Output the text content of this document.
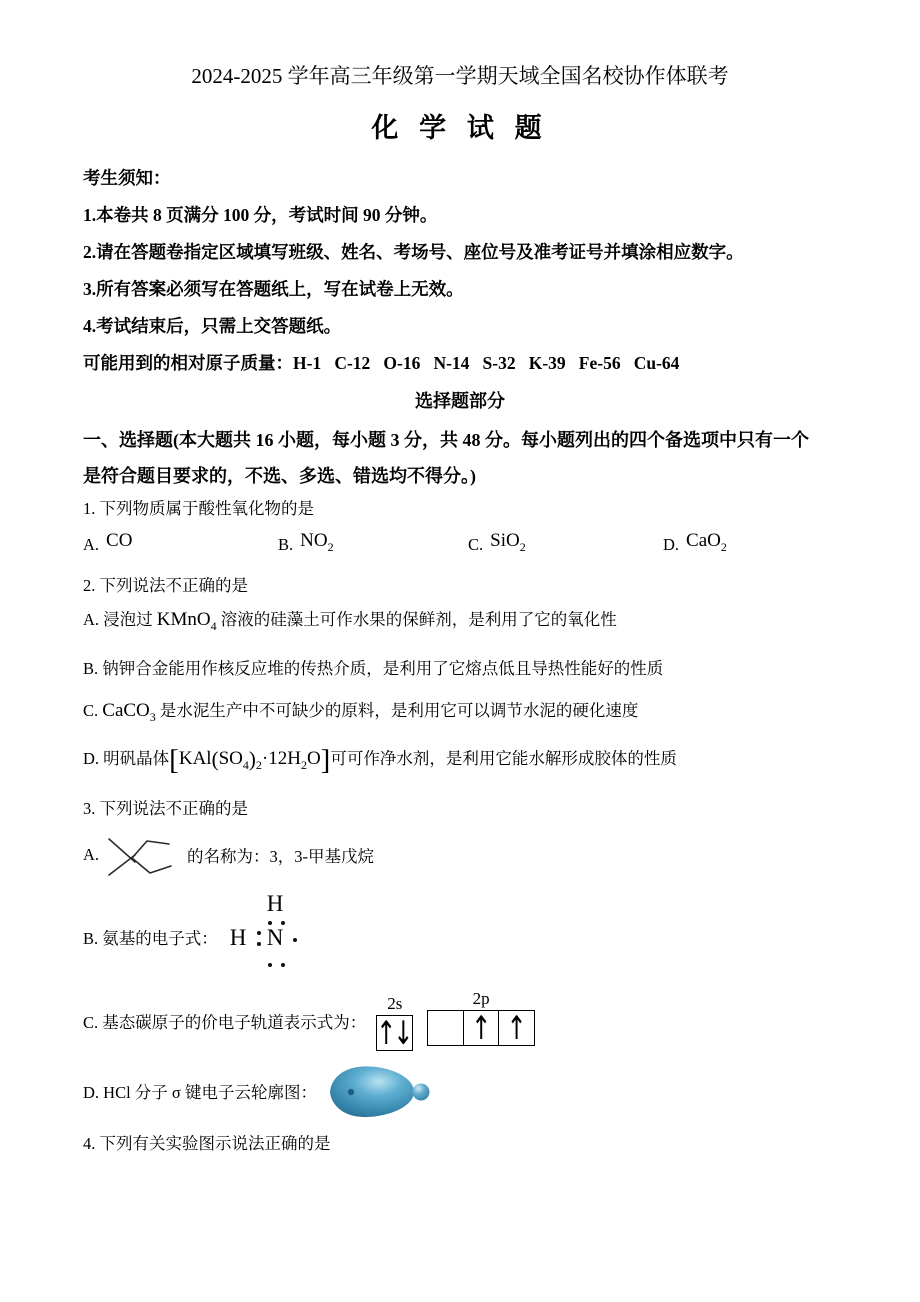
2024-2025 学年高三年级第一学期天域全国名校协作体联考

化 学 试 题

考生须知：

1.本卷共 8 页满分 100 分，考试时间 90 分钟。

2.请在答题卷指定区域填写班级、姓名、考场号、座位号及准考证号并填涂相应数字。

3.所有答案必须写在答题纸上，写在试卷上无效。

4.考试结束后，只需上交答题纸。

可能用到的相对原子质量：H-1   C-12   O-16   N-14   S-32   K-39   Fe-56   Cu-64

选择题部分

一、选择题(本大题共 16 小题，每小题 3 分，共 48 分。每小题列出的四个备选项中只有一个

是符合题目要求的，不选、多选、错选均不得分。)

1. 下列物质属于酸性氧化物的是

A. CO	B. $NO_2$	C. SiO$_2$	D. CaO$_2$

2. 下列说法不正确的是

A. 浸泡过 KMnO$_4$ 溶液的硅藻土可作水果的保鲜剂，是利用了它的氧化性

B. 钠钾合金能用作核反应堆的传热介质，是利用了它熔点低且导热性能好的性质

C. CaCO$_3$ 是水泥生产中不可缺少的原料，是利用它可以调节水泥的硬化速度

D. 明矾晶体$[KAl(SO_4)_2\cdot 12H_2O]$可可作净水剂，是利用它能水解形成胶体的性质

3. 下列说法不正确的是

A.	的名称为：3，3-甲基戊烷
B. 氨基的电子式：
H
H N
C. 基态碳原子的价电子轨道表示式为：
2s
↑
↓
2p
↑ ↑
D. HCl 分子 σ 键电子云轮廓图：

4. 下列有关实验图示说法正确的是
